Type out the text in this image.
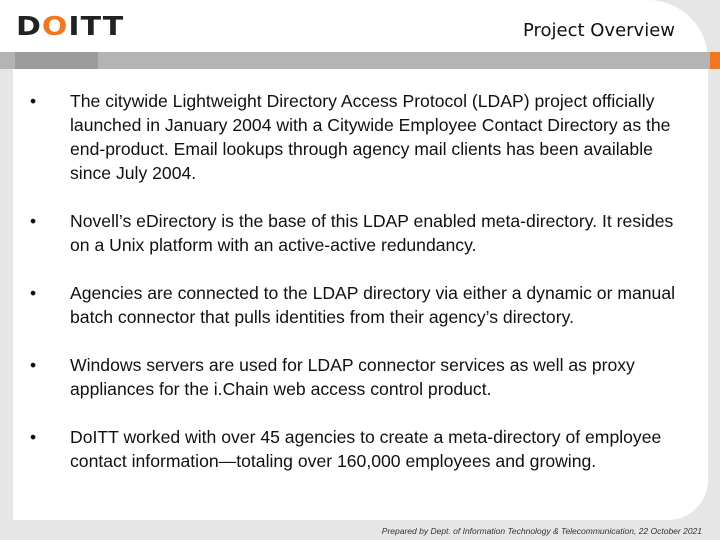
DOITT	Project Overview
• The citywide Lightweight Directory Access Protocol (LDAP) project officially launched in January 2004 with a Citywide Employee Contact Directory as the end-product. Email lookups through agency mail clients has been available since July 2004.
• Novell’s eDirectory is the base of this LDAP enabled meta-directory. It resides on a Unix platform with an active-active redundancy.
• Agencies are connected to the LDAP directory via either a dynamic or manual batch connector that pulls identities from their agency’s directory.
• Windows servers are used for LDAP connector services as well as proxy appliances for the i.Chain web access control product.
• DoITT worked with over 45 agencies to create a meta-directory of employee contact information—totaling over 160,000 employees and growing.
Prepared by Dept. of Information Technology & Telecommunication, 22 October 2021
